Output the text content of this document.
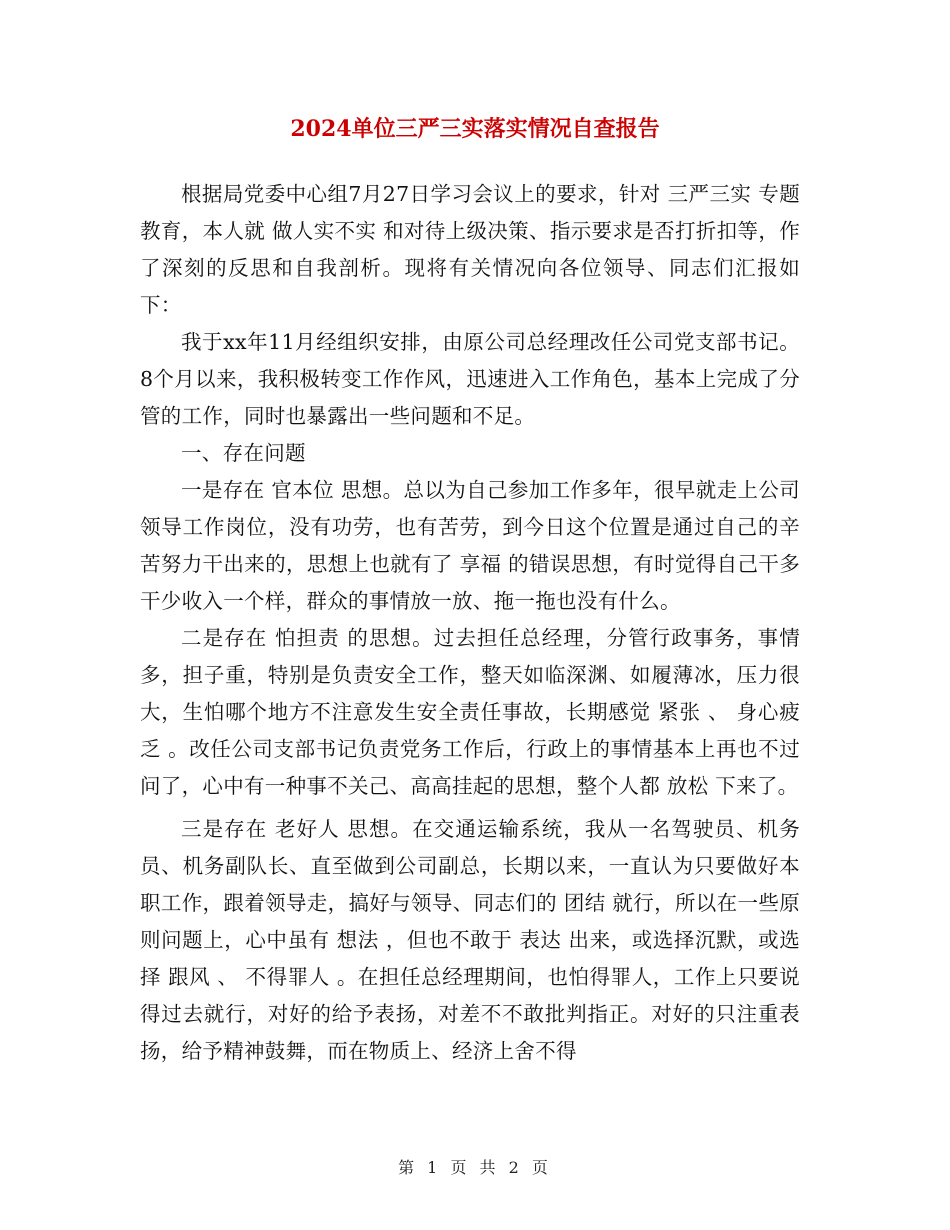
2024单位三严三实落实情况自查报告

根据局党委中心组7月27日学习会议上的要求，针对 三严三实 专题教育，本人就 做人实不实 和对待上级决策、指示要求是否打折扣等，作了深刻的反思和自我剖析。现将有关情况向各位领导、同志们汇报如下：

我于xx年11月经组织安排，由原公司总经理改任公司党支部书记。8个月以来，我积极转变工作作风，迅速进入工作角色，基本上完成了分管的工作，同时也暴露出一些问题和不足。

一、存在问题

一是存在 官本位 思想。总以为自己参加工作多年，很早就走上公司领导工作岗位，没有功劳，也有苦劳，到今日这个位置是通过自己的辛苦努力干出来的，思想上也就有了 享福 的错误思想，有时觉得自己干多干少收入一个样，群众的事情放一放、拖一拖也没有什么。

二是存在 怕担责 的思想。过去担任总经理，分管行政事务，事情多，担子重，特别是负责安全工作，整天如临深渊、如履薄冰，压力很大，生怕哪个地方不注意发生安全责任事故，长期感觉 紧张 、 身心疲乏 。改任公司支部书记负责党务工作后，行政上的事情基本上再也不过问了，心中有一种事不关己、高高挂起的思想，整个人都 放松 下来了。

三是存在 老好人 思想。在交通运输系统，我从一名驾驶员、机务员、机务副队长、直至做到公司副总，长期以来，一直认为只要做好本职工作，跟着领导走，搞好与领导、同志们的 团结 就行，所以在一些原则问题上，心中虽有 想法 ，但也不敢于 表达 出来，或选择沉默，或选择 跟风 、 不得罪人 。在担任总经理期间，也怕得罪人，工作上只要说得过去就行，对好的给予表扬，对差不不敢批判指正。对好的只注重表扬，给予精神鼓舞，而在物质上、经济上舍不得

第 1 页 共 2 页
